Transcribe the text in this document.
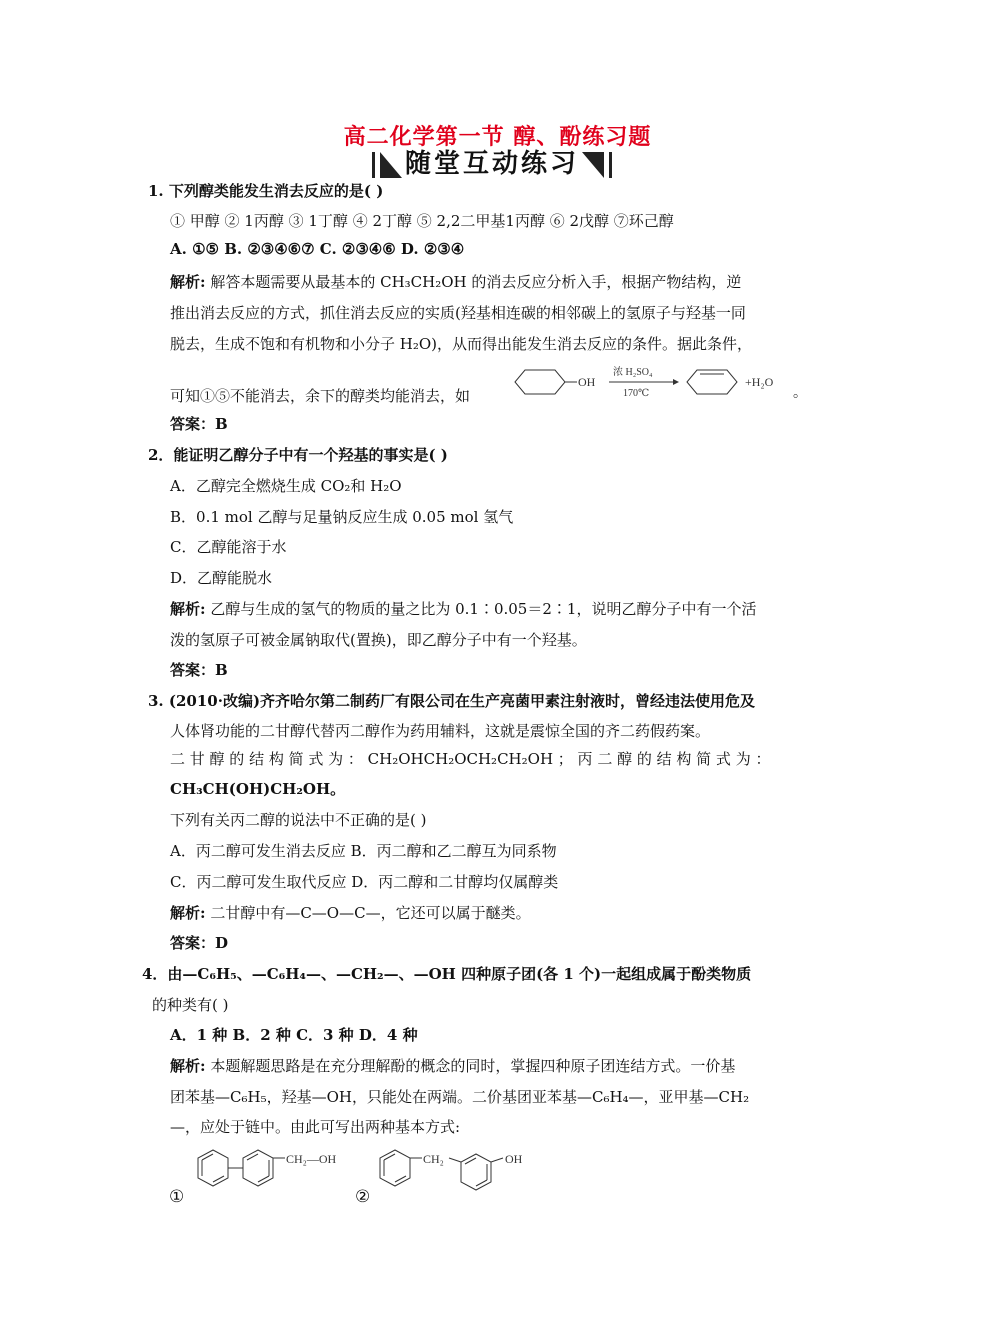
高二化学第一节 醇、酚练习题
随堂互动练习
1. 下列醇类能发生消去反应的是( )
① 甲醇 ② 1丙醇 ③ 1丁醇 ④ 2丁醇 ⑤ 2,2二甲基1丙醇 ⑥ 2戊醇 ⑦环己醇
A. ①⑤ B. ②③④⑥⑦ C. ②③④⑥ D. ②③④
解析: 解答本题需要从最基本的 CH₃CH₂OH 的消去反应分析入手，根据产物结构，逆
推出消去反应的方式，抓住消去反应的实质(羟基相连碳的相邻碳上的氢原子与羟基一同
脱去，生成不饱和有机物和小分子 H₂O)，从而得出能发生消去反应的条件。据此条件，
可知①⑤不能消去，余下的醇类均能消去，如
OH
浓 H₂SO₄
170℃
+H₂O
。
答案：B
2．能证明乙醇分子中有一个羟基的事实是( )
A．乙醇完全燃烧生成 CO₂和 H₂O
B．0.1 mol 乙醇与足量钠反应生成 0.05 mol 氢气
C．乙醇能溶于水
D．乙醇能脱水
解析: 乙醇与生成的氢气的物质的量之比为 0.1∶0.05＝2∶1，说明乙醇分子中有一个活
泼的氢原子可被金属钠取代(置换)，即乙醇分子中有一个羟基。
答案：B
3. (2010·改编)齐齐哈尔第二制药厂有限公司在生产亮菌甲素注射液时，曾经违法使用危及
人体肾功能的二甘醇代替丙二醇作为药用辅料，这就是震惊全国的齐二药假药案。
二 甘 醇 的 结 构 简 式 为 ： CH₂OHCH₂OCH₂CH₂OH ； 丙 二 醇 的 结 构 简 式 为 ：
CH₃CH(OH)CH₂OH。
下列有关丙二醇的说法中不正确的是( )
A．丙二醇可发生消去反应 B．丙二醇和乙二醇互为同系物
C．丙二醇可发生取代反应 D．丙二醇和二甘醇均仅属醇类
解析: 二甘醇中有—C—O—C—，它还可以属于醚类。
答案：D
4．由—C₆H₅、—C₆H₄—、—CH₂—、—OH 四种原子团(各 1 个)一起组成属于酚类物质
的种类有( )
A．1 种 B．2 种 C．3 种 D．4 种
解析: 本题解题思路是在充分理解酚的概念的同时，掌握四种原子团连结方式。一价基
团苯基—C₆H₅，羟基—OH，只能处在两端。二价基团亚苯基—C₆H₄—，亚甲基—CH₂
—，应处于链中。由此可写出两种基本方式:
①
CH₂—OH
②
CH₂	OH
